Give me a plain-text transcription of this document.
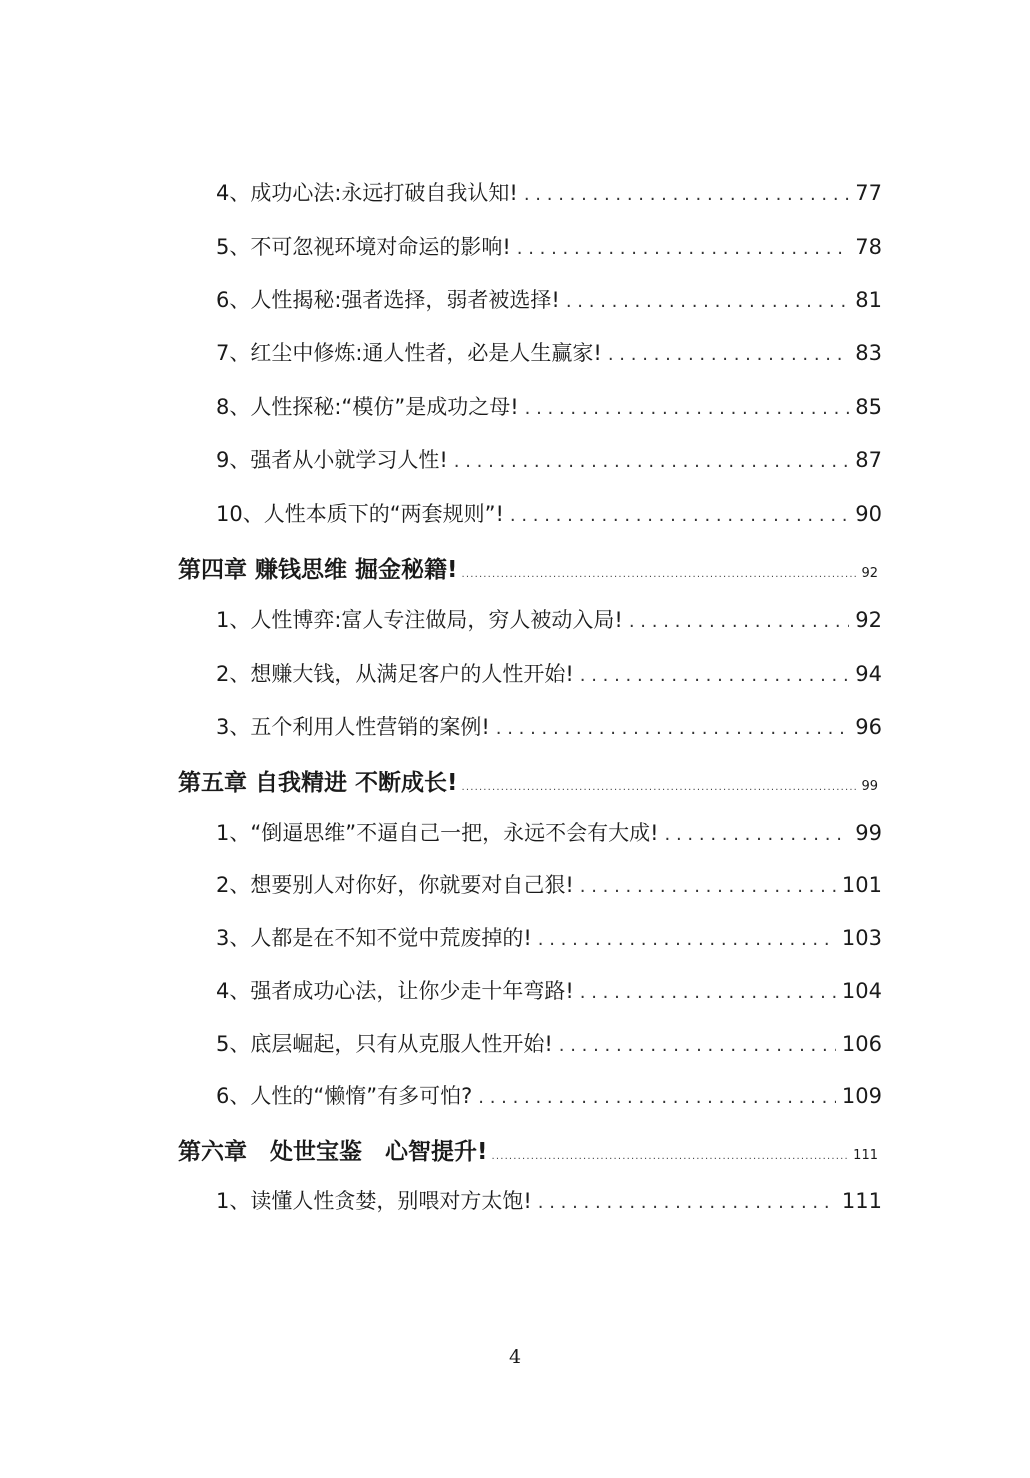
4、成功心法:永远打破自我认知! . . .	77
5、不可忽视环境对命运的影响! . . .	78
6、人性揭秘:强者选择，弱者被选择! . . .	81
7、红尘中修炼:通人性者，必是人生赢家! . . .	83
8、人性探秘:“模仿”是成功之母! . . .	85
9、强者从小就学习人性! . . .	87
10、人性本质下的“两套规则”! . . .	90
第四章 赚钱思维 掘金秘籍! . . .	92
1、人性博弈:富人专注做局，穷人被动入局! . . .	92
2、想赚大钱，从满足客户的人性开始! . . .	94
3、五个利用人性营销的案例! . . .	96
第五章 自我精进 不断成长! . . .	99
1、“倒逼思维”不逼自己一把，永远不会有大成! . . .	99
2、想要别人对你好，你就要对自己狠! . . .	101
3、人都是在不知不觉中荒废掉的! . . .	103
4、强者成功心法，让你少走十年弯路! . . .	104
5、底层崛起，只有从克服人性开始! . . .	106
6、人性的“懒惰”有多可怕? . . .	109
第六章　处世宝鉴　心智提升! . . .	111
1、读懂人性贪婪，别喂对方太饱! . . .	111
4
